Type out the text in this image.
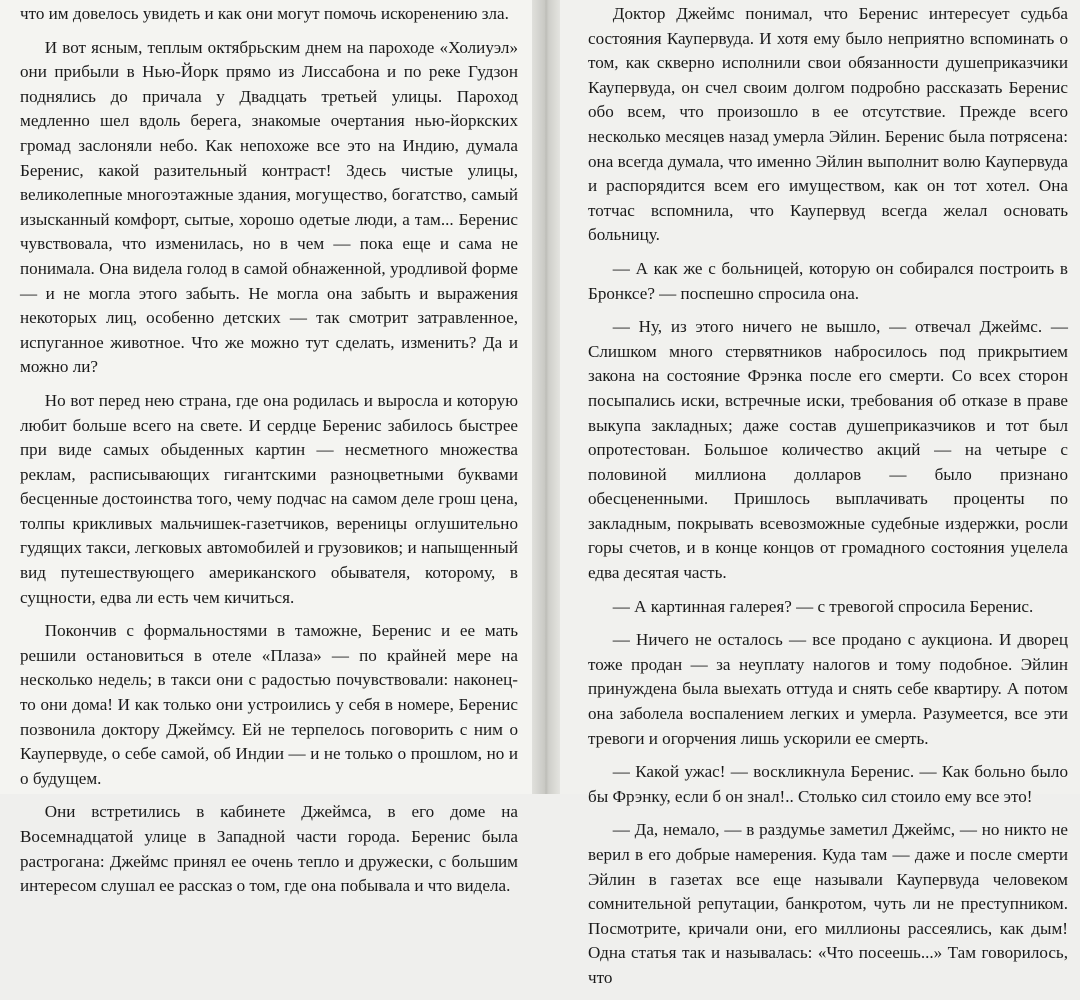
что им довелось увидеть и как они могут помочь искоренению зла.

И вот ясным, теплым октябрьским днем на пароходе «Холиуэл» они прибыли в Нью-Йорк прямо из Лиссабона и по реке Гудзон поднялись до причала у Двадцать третьей улицы. Пароход медленно шел вдоль берега, знакомые очертания нью-йоркских громад заслоняли небо. Как непохоже все это на Индию, думала Беренис, какой разительный контраст! Здесь чистые улицы, великолепные многоэтажные здания, могущество, богатство, самый изысканный комфорт, сытые, хорошо одетые люди, а там... Беренис чувствовала, что изменилась, но в чем — пока еще и сама не понимала. Она видела голод в самой обнаженной, уродливой форме — и не могла этого забыть. Не могла она забыть и выражения некоторых лиц, особенно детских — так смотрит затравленное, испуганное животное. Что же можно тут сделать, изменить? Да и можно ли?

Но вот перед нею страна, где она родилась и выросла и которую любит больше всего на свете. И сердце Беренис забилось быстрее при виде самых обыденных картин — несметного множества реклам, расписывающих гигантскими разноцветными буквами бесценные достоинства того, чему подчас на самом деле грош цена, толпы крикливых мальчишек-газетчиков, вереницы оглушительно гудящих такси, легковых автомобилей и грузовиков; и напыщенный вид путешествующего американского обывателя, которому, в сущности, едва ли есть чем кичиться.

Покончив с формальностями в таможне, Беренис и ее мать решили остановиться в отеле «Плаза» — по крайней мере на несколько недель; в такси они с радостью почувствовали: наконец-то они дома! И как только они устроились у себя в номере, Беренис позвонила доктору Джеймсу. Ей не терпелось поговорить с ним о Каупервуде, о себе самой, об Индии — и не только о прошлом, но и о будущем.

Они встретились в кабинете Джеймса, в его доме на Восемнадцатой улице в Западной части города. Беренис была растрогана: Джеймс принял ее очень тепло и дружески, с большим интересом слушал ее рассказ о том, где она побывала и что видела.

Доктор Джеймс понимал, что Беренис интересует судьба состояния Каупервуда. И хотя ему было неприятно вспоминать о том, как скверно исполнили свои обязанности душеприказчики Каупервуда, он счел своим долгом подробно рассказать Беренис обо всем, что произошло в ее отсутствие. Прежде всего несколько месяцев назад умерла Эйлин. Беренис была потрясена: она всегда думала, что именно Эйлин выполнит волю Каупервуда и распорядится всем его имуществом, как он тот хотел. Она тотчас вспомнила, что Каупервуд всегда желал основать больницу.

— А как же с больницей, которую он собирался построить в Бронксе? — поспешно спросила она.

— Ну, из этого ничего не вышло, — отвечал Джеймс. — Слишком много стервятников набросилось под прикрытием закона на состояние Фрэнка после его смерти. Со всех сторон посыпались иски, встречные иски, требования об отказе в праве выкупа закладных; даже состав душеприказчиков и тот был опротестован. Большое количество акций — на четыре с половиной миллиона долларов — было признано обесцененными. Пришлось выплачивать проценты по закладным, покрывать всевозможные судебные издержки, росли горы счетов, и в конце концов от громадного состояния уцелела едва десятая часть.

— А картинная галерея? — с тревогой спросила Беренис.

— Ничего не осталось — все продано с аукциона. И дворец тоже продан — за неуплату налогов и тому подобное. Эйлин принуждена была выехать оттуда и снять себе квартиру. А потом она заболела воспалением легких и умерла. Разумеется, все эти тревоги и огорчения лишь ускорили ее смерть.

— Какой ужас! — воскликнула Беренис. — Как больно было бы Фрэнку, если б он знал!.. Столько сил стоило ему все это!

— Да, немало, — в раздумье заметил Джеймс, — но никто не верил в его добрые намерения. Куда там — даже и после смерти Эйлин в газетах все еще называли Каупервуда человеком сомнительной репутации, банкротом, чуть ли не преступником. Посмотрите, кричали они, его миллионы рассеялись, как дым! Одна статья так и называлась: «Что посеешь...» Там говорилось, что
